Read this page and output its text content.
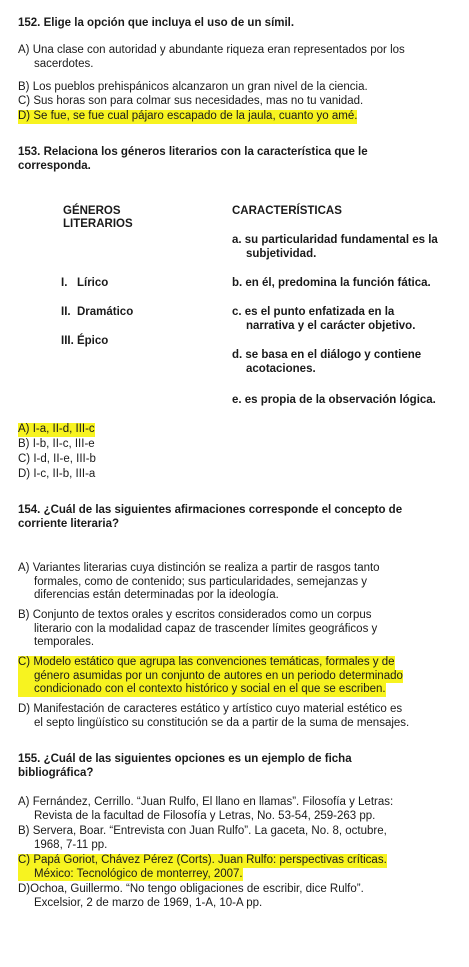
152. Elige la opción que incluya el uso de un símil.
A) Una clase con autoridad y abundante riqueza eran representados por los
sacerdotes.
B) Los pueblos prehispánicos alcanzaron un gran nivel de la ciencia.
C) Sus horas son para colmar sus necesidades, mas no tu vanidad.
D) Se fue, se fue cual pájaro escapado de la jaula, cuanto yo amé.
153. Relaciona los géneros literarios con la característica que le
corresponda.
GÉNEROS
LITERARIOS
CARACTERÍSTICAS
a. su particularidad fundamental es la
subjetividad.
I.   Lírico	b. en él, predomina la función fática.
II.  Dramático	c. es el punto enfatizada en la
narrativa y el carácter objetivo.
III. Épico
d. se basa en el diálogo y contiene
acotaciones.
e. es propia de la observación lógica.
A) I-a, II-d, III-c
B) I-b, II-c, III-e
C) I-d, II-e, III-b
D) I-c, II-b, III-a
154. ¿Cuál de las siguientes afirmaciones corresponde el concepto de
corriente literaria?
A) Variantes literarias cuya distinción se realiza a partir de rasgos tanto
formales, como de contenido; sus particularidades, semejanzas y
diferencias están determinadas por la ideología.
B) Conjunto de textos orales y escritos considerados como un corpus
literario con la modalidad capaz de trascender límites geográficos y
temporales.
C) Modelo estático que agrupa las convenciones temáticas, formales y de
género asumidas por un conjunto de autores en un periodo determinado
condicionado con el contexto histórico y social en el que se escriben.
D) Manifestación de caracteres estático y artístico cuyo material estético es
el septo lingüístico su constitución se da a partir de la suma de mensajes.
155. ¿Cuál de las siguientes opciones es un ejemplo de ficha
bibliográfica?
A) Fernández, Cerrillo. “Juan Rulfo, El llano en llamas”. Filosofía y Letras:
Revista de la facultad de Filosofía y Letras, No. 53-54, 259-263 pp.
B) Servera, Boar. “Entrevista con Juan Rulfo”. La gaceta, No. 8, octubre,
1968, 7-11 pp.
C) Papá Goriot, Chávez Pérez (Corts). Juan Rulfo: perspectivas críticas.
México: Tecnológico de monterrey, 2007.
D)Ochoa, Guillermo. “No tengo obligaciones de escribir, dice Rulfo”.
Excelsior, 2 de marzo de 1969, 1-A, 10-A pp.
